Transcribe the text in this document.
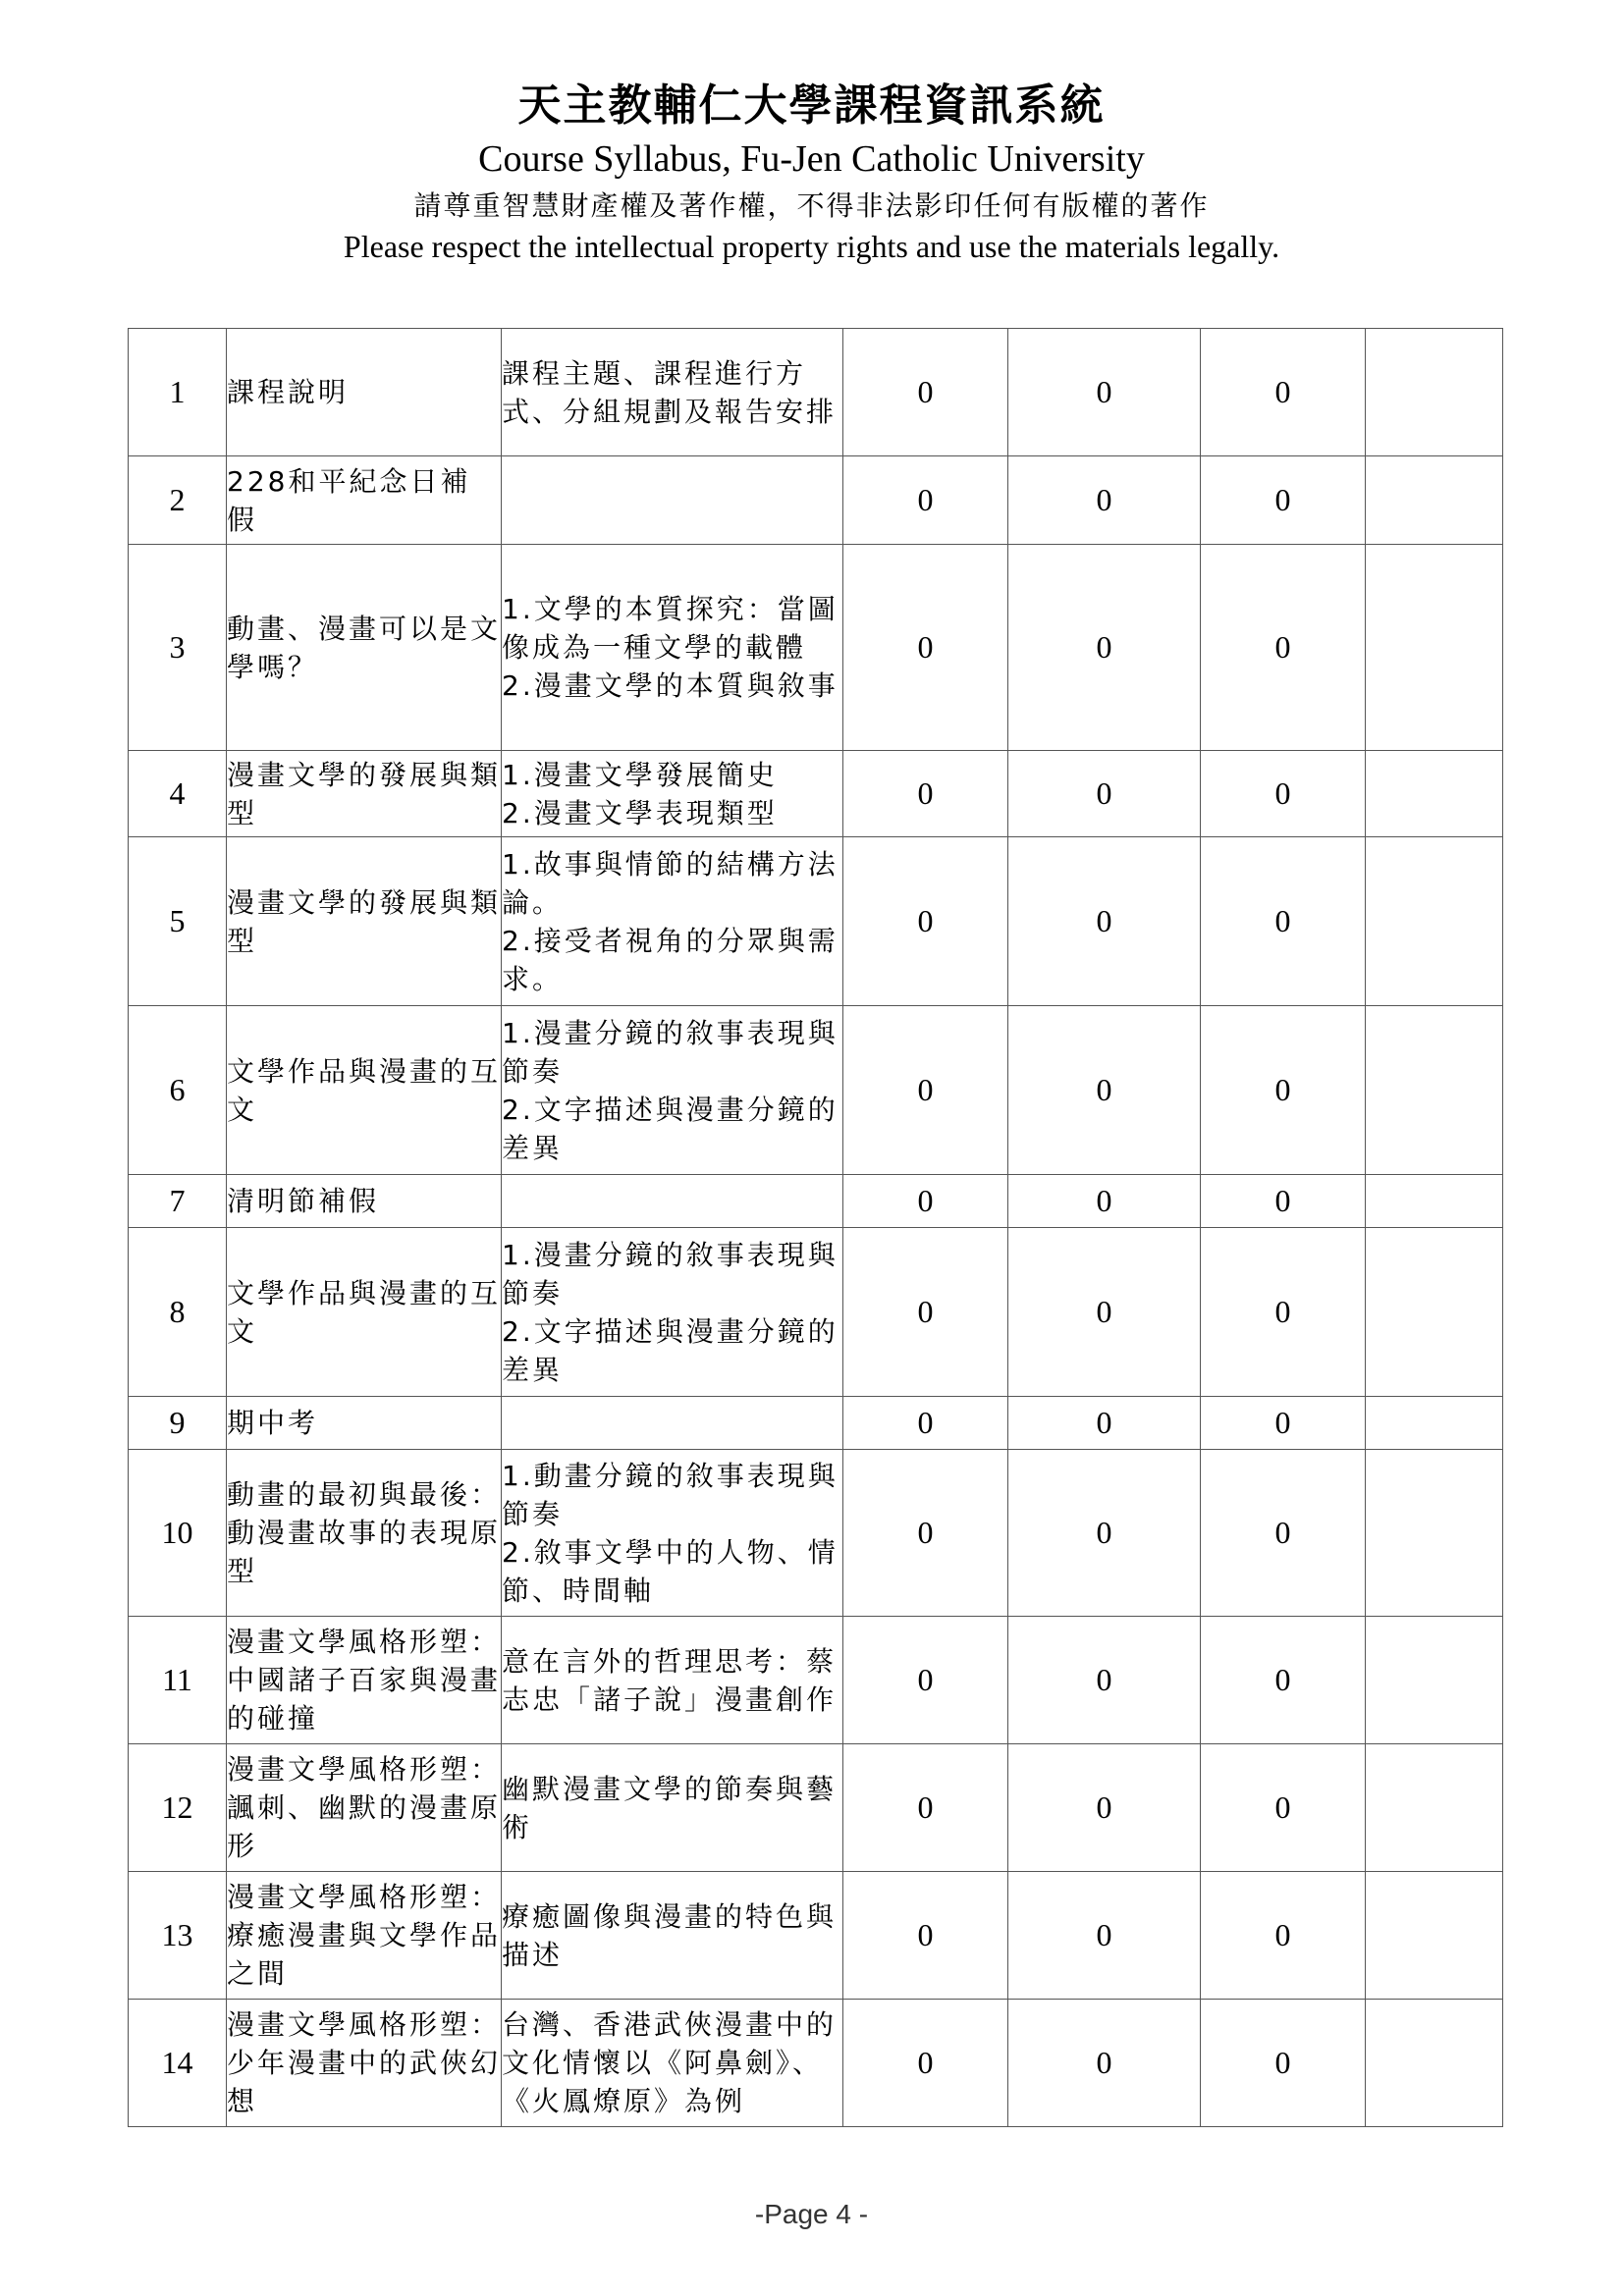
天主教輔仁大學課程資訊系統
Course Syllabus, Fu-Jen Catholic University
請尊重智慧財產權及著作權，不得非法影印任何有版權的著作
Please respect the intellectual property rights and use the materials legally.
1	課程說明	課程主題、課程進行方式、分組規劃及報告安排	0	0	0	
2	228和平紀念日補假		0	0	0	
3	動畫、漫畫可以是文學嗎？	1.文學的本質探究：當圖像成為一種文學的載體
2.漫畫文學的本質與敘事	0	0	0	
4	漫畫文學的發展與類型	1.漫畫文學發展簡史
2.漫畫文學表現類型	0	0	0	
5	漫畫文學的發展與類型	1.故事與情節的結構方法論。
2.接受者視角的分眾與需求。	0	0	0	
6	文學作品與漫畫的互文	1.漫畫分鏡的敘事表現與節奏
2.文字描述與漫畫分鏡的差異	0	0	0	
7	清明節補假		0	0	0	
8	文學作品與漫畫的互文	1.漫畫分鏡的敘事表現與節奏
2.文字描述與漫畫分鏡的差異	0	0	0	
9	期中考		0	0	0	
10	動畫的最初與最後：動漫畫故事的表現原型	1.動畫分鏡的敘事表現與節奏
2.敘事文學中的人物、情節、時間軸	0	0	0	
11	漫畫文學風格形塑：中國諸子百家與漫畫的碰撞	意在言外的哲理思考：蔡志忠「諸子說」漫畫創作	0	0	0	
12	漫畫文學風格形塑：諷刺、幽默的漫畫原形	幽默漫畫文學的節奏與藝術	0	0	0	
13	漫畫文學風格形塑：療癒漫畫與文學作品之間	療癒圖像與漫畫的特色與描述	0	0	0	
14	漫畫文學風格形塑：少年漫畫中的武俠幻想	台灣、香港武俠漫畫中的文化情懷以《阿鼻劍》、《火鳳燎原》為例	0	0	0	
-Page 4 -
